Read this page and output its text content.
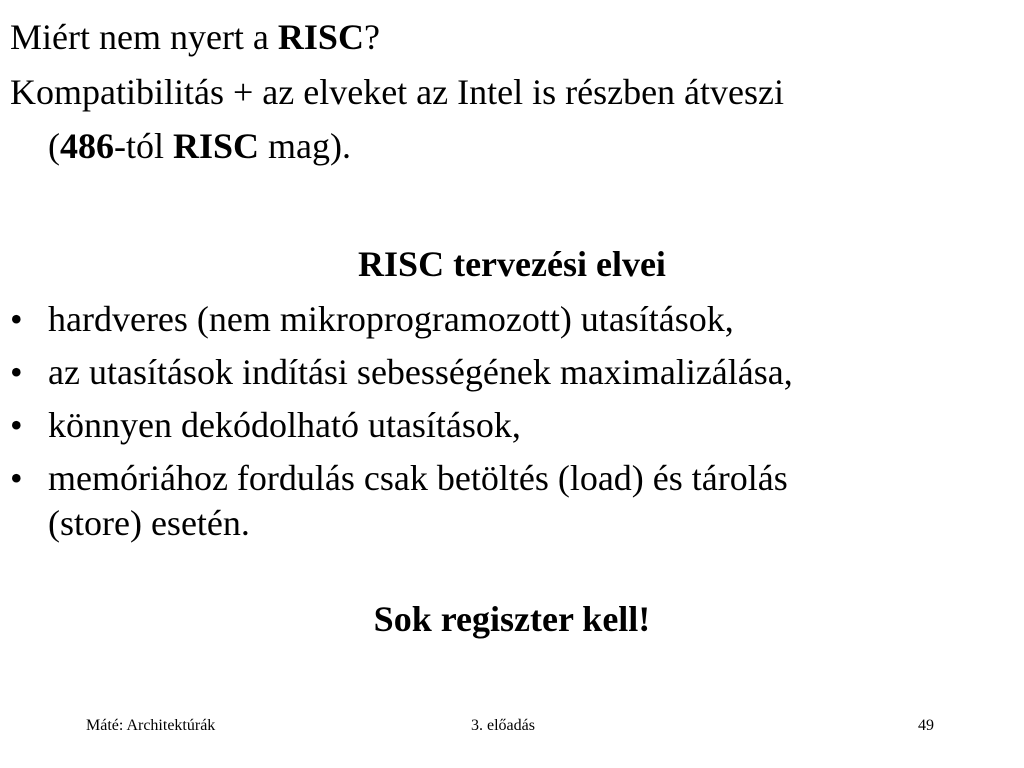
Miért nem nyert a RISC?
Kompatibilitás + az elveket az Intel is részben átveszi
(486-tól RISC mag).
RISC tervezési elvei
• hardveres (nem mikroprogramozott) utasítások,
• az utasítások indítási sebességének maximalizálása,
• könnyen dekódolható utasítások,
• memóriához fordulás csak betöltés (load) és tárolás
(store) esetén.
Sok regiszter kell!
Máté: Architektúrák	3. előadás	49
